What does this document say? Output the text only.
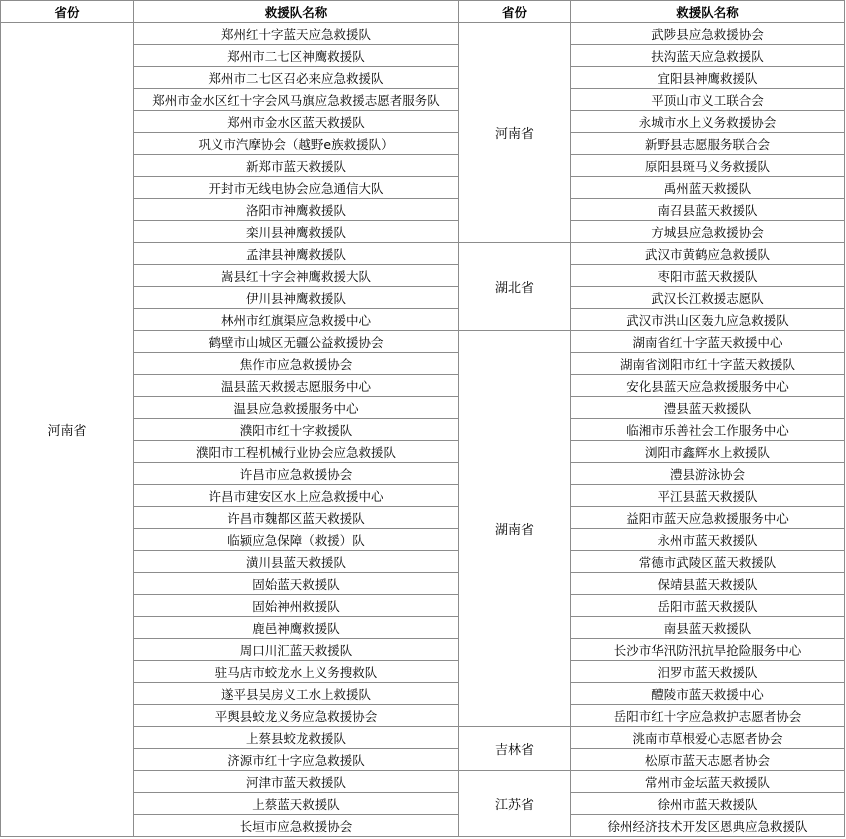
省份	救援队名称	省份	救援队名称
河南省	郑州红十字蓝天应急救援队	河南省	武陟县应急救援协会
	郑州市二七区神鹰救援队		扶沟蓝天应急救援队
	郑州市二七区召必来应急救援队		宜阳县神鹰救援队
	郑州市金水区红十字会风马旗应急救援志愿者服务队		平顶山市义工联合会
	郑州市金水区蓝天救援队		永城市水上义务救援协会
	巩义市汽摩协会（越野e族救援队）		新野县志愿服务联合会
	新郑市蓝天救援队		原阳县斑马义务救援队
	开封市无线电协会应急通信大队		禹州蓝天救援队
	洛阳市神鹰救援队		南召县蓝天救援队
	栾川县神鹰救援队		方城县应急救援协会
	孟津县神鹰救援队	湖北省	武汉市黄鹤应急救援队
	嵩县红十字会神鹰救援大队		枣阳市蓝天救援队
	伊川县神鹰救援队		武汉长江救援志愿队
	林州市红旗渠应急救援中心		武汉市洪山区轰九应急救援队
	鹤壁市山城区无疆公益救援协会	湖南省	湖南省红十字蓝天救援中心
	焦作市应急救援协会		湖南省浏阳市红十字蓝天救援队
	温县蓝天救援志愿服务中心		安化县蓝天应急救援服务中心
	温县应急救援服务中心		澧县蓝天救援队
	濮阳市红十字救援队		临湘市乐善社会工作服务中心
	濮阳市工程机械行业协会应急救援队		浏阳市鑫辉水上救援队
	许昌市应急救援协会		澧县游泳协会
	许昌市建安区水上应急救援中心		平江县蓝天救援队
	许昌市魏都区蓝天救援队		益阳市蓝天应急救援服务中心
	临颍应急保障（救援）队		永州市蓝天救援队
	潢川县蓝天救援队		常德市武陵区蓝天救援队
	固始蓝天救援队		保靖县蓝天救援队
	固始神州救援队		岳阳市蓝天救援队
	鹿邑神鹰救援队		南县蓝天救援队
	周口川汇蓝天救援队		长沙市华汛防汛抗旱抢险服务中心
	驻马店市蛟龙水上义务搜救队		汨罗市蓝天救援队
	遂平县吴房义工水上救援队		醴陵市蓝天救援中心
	平舆县蛟龙义务应急救援协会		岳阳市红十字应急救护志愿者协会
	上蔡县蛟龙救援队	吉林省	洮南市草根爱心志愿者协会
	济源市红十字应急救援队		松原市蓝天志愿者协会
	河津市蓝天救援队	江苏省	常州市金坛蓝天救援队
	上蔡蓝天救援队		徐州市蓝天救援队
	长垣市应急救援协会		徐州经济技术开发区恩典应急救援队
